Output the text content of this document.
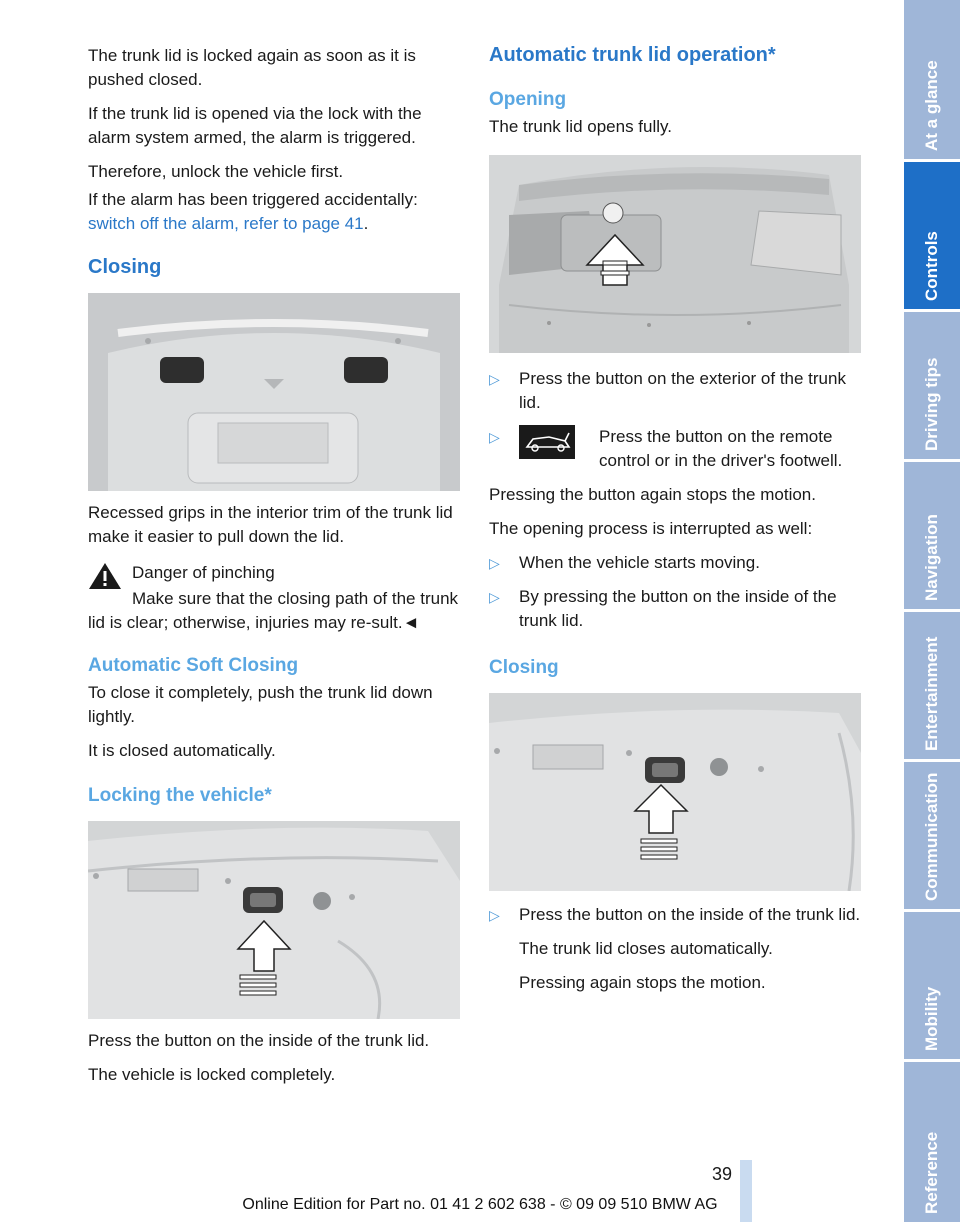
The trunk lid is locked again as soon as it is pushed closed.

If the trunk lid is opened via the lock with the alarm system armed, the alarm is triggered.

Therefore, unlock the vehicle first.

If the alarm has been triggered accidentally:
switch off the alarm, refer to page 41.

Closing

Recessed grips in the interior trim of the trunk lid make it easier to pull down the lid.

Danger of pinching

Make sure that the closing path of the trunk lid is clear; otherwise, injuries may re-sult.◄

Automatic Soft Closing

To close it completely, push the trunk lid down lightly.

It is closed automatically.

Locking the vehicle*

Press the button on the inside of the trunk lid.

The vehicle is locked completely.

Automatic trunk lid operation*
Opening

The trunk lid opens fully.

▷	Press the button on the exterior of the trunk lid.
▷	Press the button on the remote control or in the driver's footwell.

Pressing the button again stops the motion.

The opening process is interrupted as well:

▷	When the vehicle starts moving.
▷	By pressing the button on the inside of the trunk lid.
Closing
▷	Press the button on the inside of the trunk lid.
The trunk lid closes automatically.
Pressing again stops the motion.
At a glance
Controls
Driving tips
Navigation
Entertainment
Communication
Mobility
Reference
39
Online Edition for Part no. 01 41 2 602 638 - © 09 09 510 BMW AG
